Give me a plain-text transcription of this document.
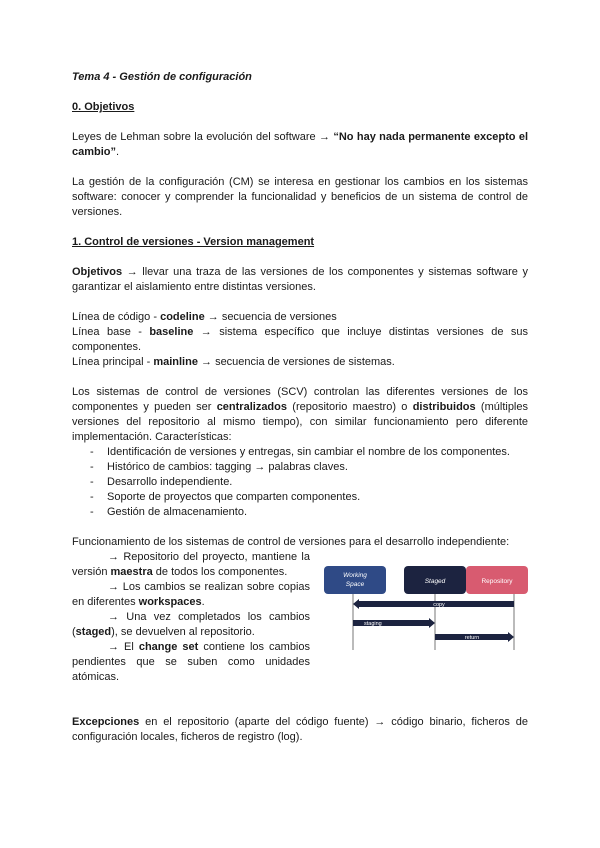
Tema 4 - Gestión de configuración

0. Objetivos

Leyes de Lehman sobre la evolución del software → “No hay nada permanente excepto el cambio”.

La gestión de la configuración (CM) se interesa en gestionar los cambios en los sistemas software: conocer y comprender la funcionalidad y beneficios de un sistema de control de versiones.

1. Control de versiones - Version management

Objetivos → llevar una traza de las versiones de los componentes y sistemas software y garantizar el aislamiento entre distintas versiones.

Línea de código - codeline → secuencia de versiones

Línea base - baseline → sistema específico que incluye distintas versiones de sus componentes.

Línea principal - mainline → secuencia de versiones de sistemas.

Los sistemas de control de versiones (SCV) controlan las diferentes versiones de los componentes y pueden ser centralizados (repositorio maestro) o distribuidos (múltiples versiones del repositorio al mismo tiempo), con similar funcionamiento pero diferente implementación. Características:

- Identificación de versiones y entregas, sin cambiar el nombre de los componentes.
- Histórico de cambios: tagging → palabras claves.
- Desarrollo independiente.
- Soporte de proyectos que comparten componentes.
- Gestión de almacenamiento.

Funcionamiento de los sistemas de control de versiones para el desarrollo independiente:

→ Repositorio del proyecto, mantiene la versión maestra de todos los componentes.

→ Los cambios se realizan sobre copias en diferentes workspaces.

→ Una vez completados los cambios (staged), se devuelven al repositorio.

→ El change set contiene los cambios pendientes que se suben como unidades atómicas.

Working
Space	Staged	Repository
copy
staging
return

Excepciones en el repositorio (aparte del código fuente) → código binario, ficheros de configuración locales, ficheros de registro (log).
